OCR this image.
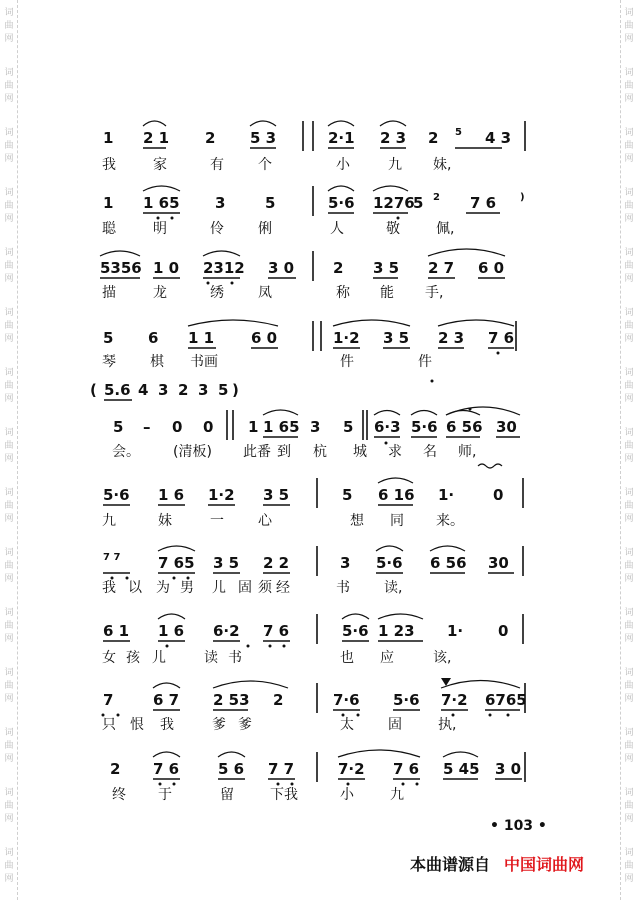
词
曲
网
词
曲
网
词
曲
网
词
曲
网
词
曲
网
词
曲
网
词
曲
网
词
曲
网
词
曲
网
词
曲
网
词
曲
网
词
曲
网
词
曲
网
词
曲
网
词
曲
网
词
曲
网
词
曲
网
词
曲
网
词
曲
网
词
曲
网
词
曲
网
词
曲
网
词
曲
网
词
曲
网
词
曲
网
词
曲
网
词
曲
网
词
曲
网
词
曲
网
词
曲
网
1 2 1 2 5 3	2·1 2 3 2 5 4 3
我	家	有 个	小	九 妹,
1 1 65 3	5	5·6 1276
5 2 7 6 )
聪	明	伶 俐	人	敬	佩,
5356 1 0 2312 3 0	2 3 5 2 7 6 0
描	龙	绣 凤	称 能 手,
5 6 1 1 6 0	1·2 3 5 2 3 7 6
琴 棋 书画	件	件
( 5.6 4 3 2 3 5 )
5 – 0 0 1 1 65 3 5 6·3 5·6 6 56 30
会。 (清板) 此番 到 杭 城 求 名 师,
5·6 1 6 1·2 3 5	5 6 16 1·	0
九	妹	一 心	想 同 来。
7 7	7 65 3 5 2 2	3 5·6 6 56 30
我 以 为 男 儿 固 须 经	书 读,
6 1 1 6 6·2 7 6	5·6 1 23 1· 0
女 孩 儿	读 书	也 应	该,
7	6 7 2 53 2	7·6 5·6 7·2 6765
只 恨 我	爹 爹	太 固	执,
2 7 6	5 6 7 7	7·2 7 6 5 45 3 0
终 于	留	下我	小	九
• 103 •
本曲谱源自 中国词曲网
